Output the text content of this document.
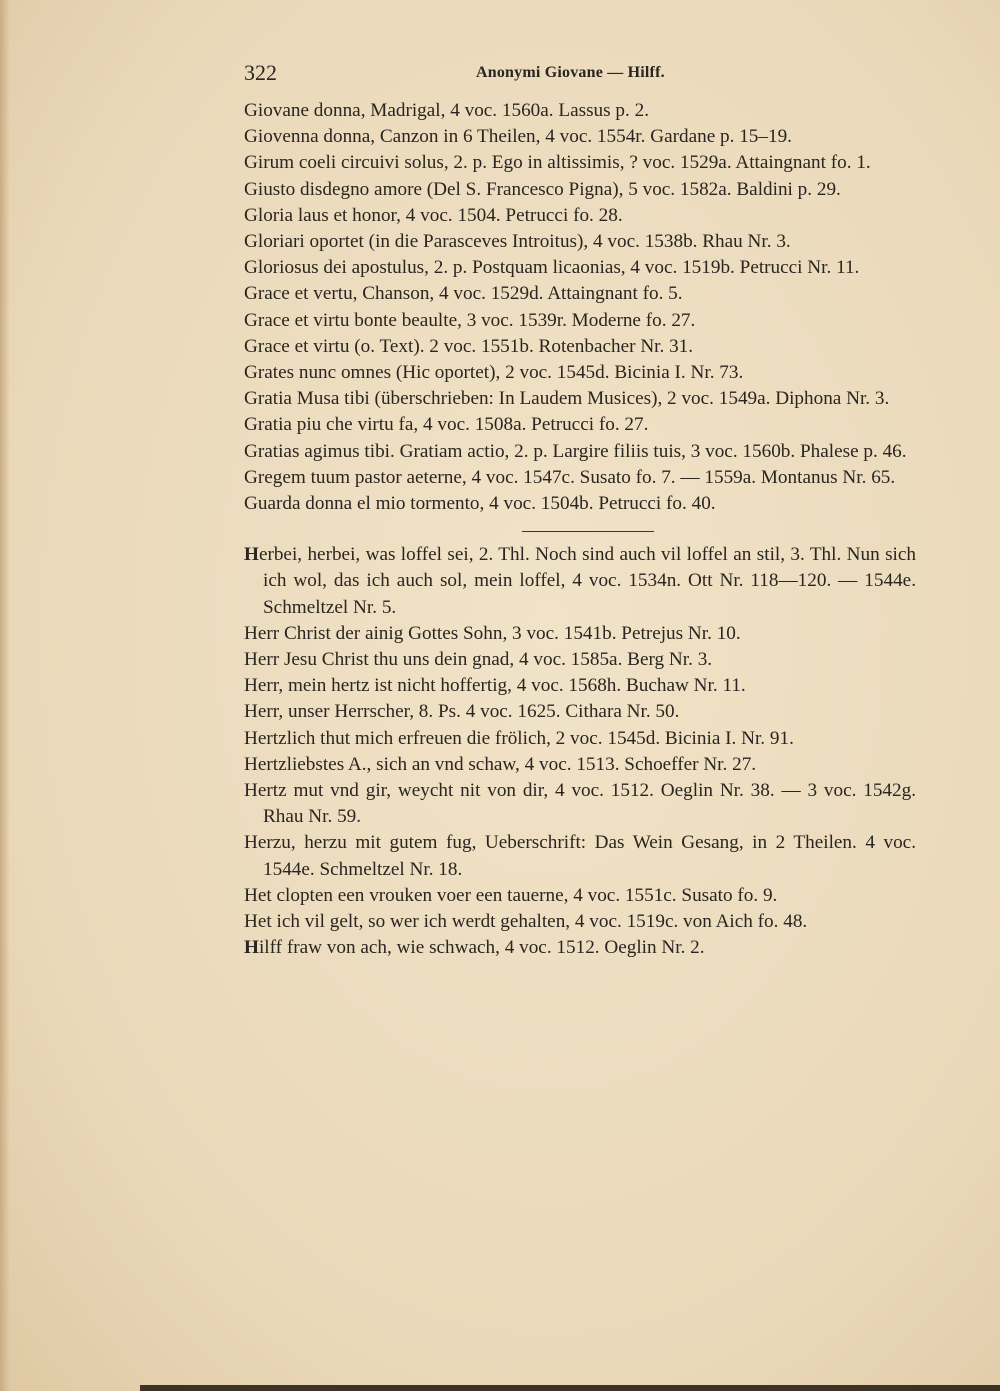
322	Anonymi Giovane — Hilff.
Giovane donna, Madrigal, 4 voc. 1560a. Lassus p. 2.
Giovenna donna, Canzon in 6 Theilen, 4 voc. 1554r. Gardane p. 15–19.
Girum coeli circuivi solus, 2. p. Ego in altissimis, ? voc. 1529a. Attaingnant fo. 1.
Giusto disdegno amore (Del S. Francesco Pigna), 5 voc. 1582a. Baldini p. 29.
Gloria laus et honor, 4 voc. 1504. Petrucci fo. 28.
Gloriari oportet (in die Parasceves Introitus), 4 voc. 1538b. Rhau Nr. 3.
Gloriosus dei apostulus, 2. p. Postquam licaonias, 4 voc. 1519b. Petrucci Nr. 11.
Grace et vertu, Chanson, 4 voc. 1529d. Attaingnant fo. 5.
Grace et virtu bonte beaulte, 3 voc. 1539r. Moderne fo. 27.
Grace et virtu (o. Text). 2 voc. 1551b. Rotenbacher Nr. 31.
Grates nunc omnes (Hic oportet), 2 voc. 1545d. Bicinia I. Nr. 73.
Gratia Musa tibi (überschrieben: In Laudem Musices), 2 voc. 1549a. Diphona Nr. 3.
Gratia piu che virtu fa, 4 voc. 1508a. Petrucci fo. 27.
Gratias agimus tibi. Gratiam actio, 2. p. Largire filiis tuis, 3 voc. 1560b. Phalese p. 46.
Gregem tuum pastor aeterne, 4 voc. 1547c. Susato fo. 7. — 1559a. Montanus Nr. 65.
Guarda donna el mio tormento, 4 voc. 1504b. Petrucci fo. 40.
Herbei, herbei, was loffel sei, 2. Thl. Noch sind auch vil loffel an stil, 3. Thl. Nun sich ich wol, das ich auch sol, mein loffel, 4 voc. 1534n. Ott Nr. 118—120. — 1544e. Schmeltzel Nr. 5.
Herr Christ der ainig Gottes Sohn, 3 voc. 1541b. Petrejus Nr. 10.
Herr Jesu Christ thu uns dein gnad, 4 voc. 1585a. Berg Nr. 3.
Herr, mein hertz ist nicht hoffertig, 4 voc. 1568h. Buchaw Nr. 11.
Herr, unser Herrscher, 8. Ps. 4 voc. 1625. Cithara Nr. 50.
Hertzlich thut mich erfreuen die frölich, 2 voc. 1545d. Bicinia I. Nr. 91.
Hertzliebstes A., sich an vnd schaw, 4 voc. 1513. Schoeffer Nr. 27.
Hertz mut vnd gir, weycht nit von dir, 4 voc. 1512. Oeglin Nr. 38. — 3 voc. 1542g. Rhau Nr. 59.
Herzu, herzu mit gutem fug, Ueberschrift: Das Wein Gesang, in 2 Theilen. 4 voc. 1544e. Schmeltzel Nr. 18.
Het clopten een vrouken voer een tauerne, 4 voc. 1551c. Susato fo. 9.
Het ich vil gelt, so wer ich werdt gehalten, 4 voc. 1519c. von Aich fo. 48.
Hilff fraw von ach, wie schwach, 4 voc. 1512. Oeglin Nr. 2.
